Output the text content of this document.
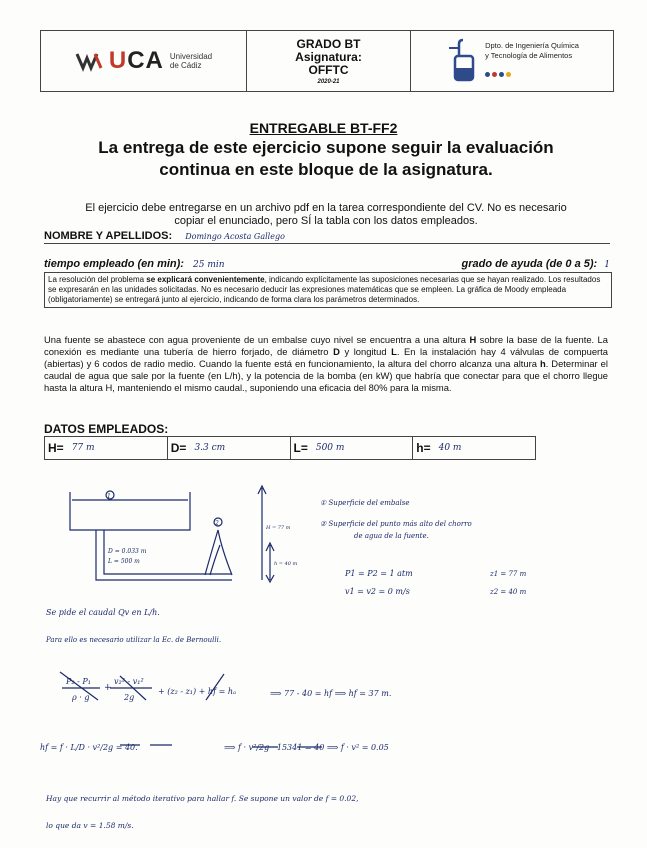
UCA Universidad
de Cádiz
GRADO BT
Asignatura:
OFFTC
2020-21
Dpto. de Ingeniería Química
y Tecnología de Alimentos
ENTREGABLE BT-FF2
La entrega de este ejercicio supone seguir la evaluación
continua en este bloque de la asignatura.
El ejercicio debe entregarse en un archivo pdf en la tarea correspondiente del CV. No es necesario
copiar el enunciado, pero SÍ la tabla con los datos empleados.
NOMBRE Y APELLIDOS: Domingo Acosta Gallego
tiempo empleado (en min): 25 min	grado de ayuda (de 0 a 5): 1
La resolución del problema se explicará convenientemente, indicando explícitamente las suposiciones necesarias que se hayan realizado. Los resultados se expresarán en las unidades solicitadas. No es necesario deducir las expresiones matemáticas que se empleen. La gráfica de Moody empleada (obligatoriamente) se entregará junto al ejercicio, indicando de forma clara los parámetros determinados.
Una fuente se abastece con agua proveniente de un embalse cuyo nivel se encuentra a una altura H sobre la base de la fuente. La conexión es mediante una tubería de hierro forjado, de diámetro D y longitud L. En la instalación hay 4 válvulas de compuerta (abiertas) y 6 codos de radio medio. Cuando la fuente está en funcionamiento, la altura del chorro alcanza una altura h. Determinar el caudal de agua que sale por la fuente (en L/h), y la potencia de la bomba (en kW) que habría que conectar para que el chorro llegue hasta la altura H, manteniendo el mismo caudal., suponiendo una eficacia del 80% para la misma.
DATOS EMPLEADOS:
H= 77 m	D= 3.3 cm	L= 500 m	h= 40 m
1
2
D = 0.033 m
L = 500 m
H = 77 m
h = 40 m
① Superficie del embalse
② Superficie del punto más alto del chorro
de agua de la fuente.
P1 = P2 = 1 atm
v1 = v2 = 0 m/s
z1 = 77 m
z2 = 40 m
Se pide el caudal Qv en L/h.
Para ello es necesario utilizar la Ec. de Bernoulli.
P₂ - P₁
ρ · g
+
v₂² - v₁²
2g
+ (z₂ - z₁) + hf = hₐ	⟹ 77 - 40 = hf ⟹ hf = 37 m.
hf = f · L/D · v²/2g = 40.	⟹ f · v²/2g · 15341 = 40 ⟹ f · v² = 0.05
Hay que recurrir al método iterativo para hallar f. Se supone un valor de f = 0.02,
lo que da v = 1.58 m/s.
